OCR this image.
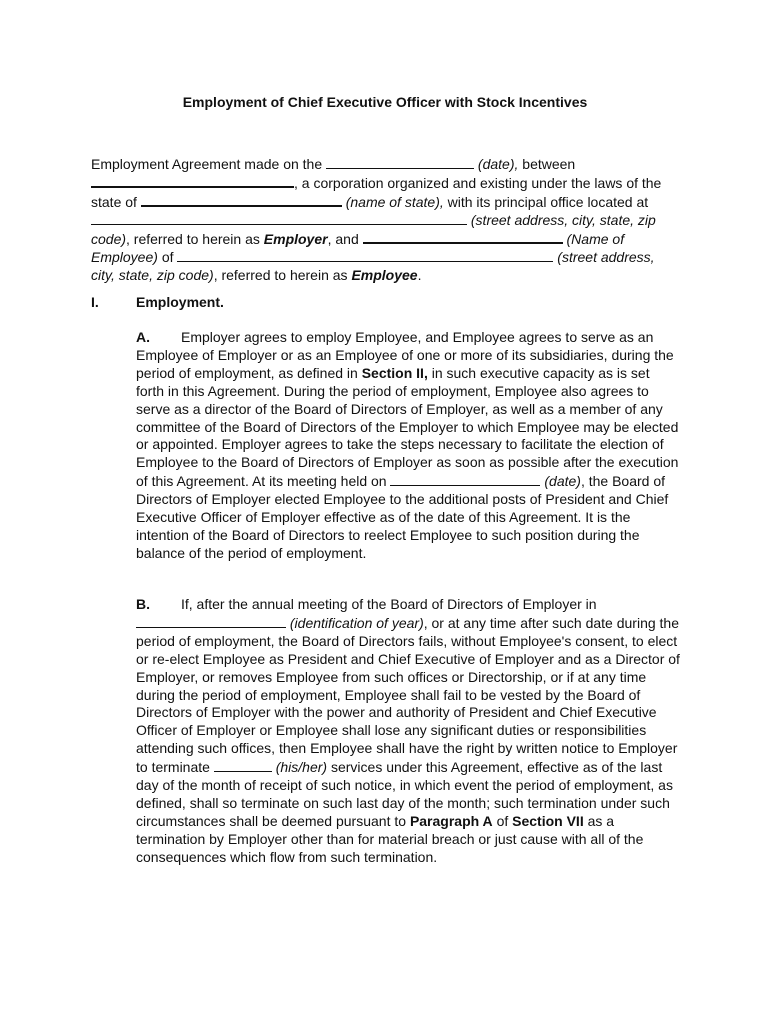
Employment of Chief Executive Officer with Stock Incentives
Employment Agreement made on the	(date), between
, a corporation organized and existing under the laws of the state of	(name of state), with its principal office located at  (street address, city, state, zip code), referred to herein as Employer, and	(Name of Employee) of	(street address, city, state, zip code), referred to herein as Employee.
I.	Employment.
A. Employer agrees to employ Employee, and Employee agrees to serve as an Employee of Employer or as an Employee of one or more of its subsidiaries, during the period of employment, as defined in Section II, in such executive capacity as is set forth in this Agreement. During the period of employment, Employee also agrees to serve as a director of the Board of Directors of Employer, as well as a member of any committee of the Board of Directors of the Employer to which Employee may be elected or appointed. Employer agrees to take the steps necessary to facilitate the election of Employee to the Board of Directors of Employer as soon as possible after the execution of this Agreement. At its meeting held on	(date), the Board of Directors of Employer elected Employee to the additional posts of President and Chief Executive Officer of Employer effective as of the date of this Agreement. It is the intention of the Board of Directors to reelect Employee to such position during the balance of the period of employment.
B. If, after the annual meeting of the Board of Directors of Employer in  (identification of year), or at any time after such date during the period of employment, the Board of Directors fails, without Employee's consent, to elect or re-elect Employee as President and Chief Executive of Employer and as a Director of Employer, or removes Employee from such offices or Directorship, or if at any time during the period of employment, Employee shall fail to be vested by the Board of Directors of Employer with the power and authority of President and Chief Executive Officer of Employer or Employee shall lose any significant duties or responsibilities attending such offices, then Employee shall have the right by written notice to Employer to terminate	(his/her) services under this Agreement, effective as of the last day of the month of receipt of such notice, in which event the period of employment, as defined, shall so terminate on such last day of the month; such termination under such circumstances shall be deemed pursuant to Paragraph A of Section VII as a termination by Employer other than for material breach or just cause with all of the consequences which flow from such termination.
